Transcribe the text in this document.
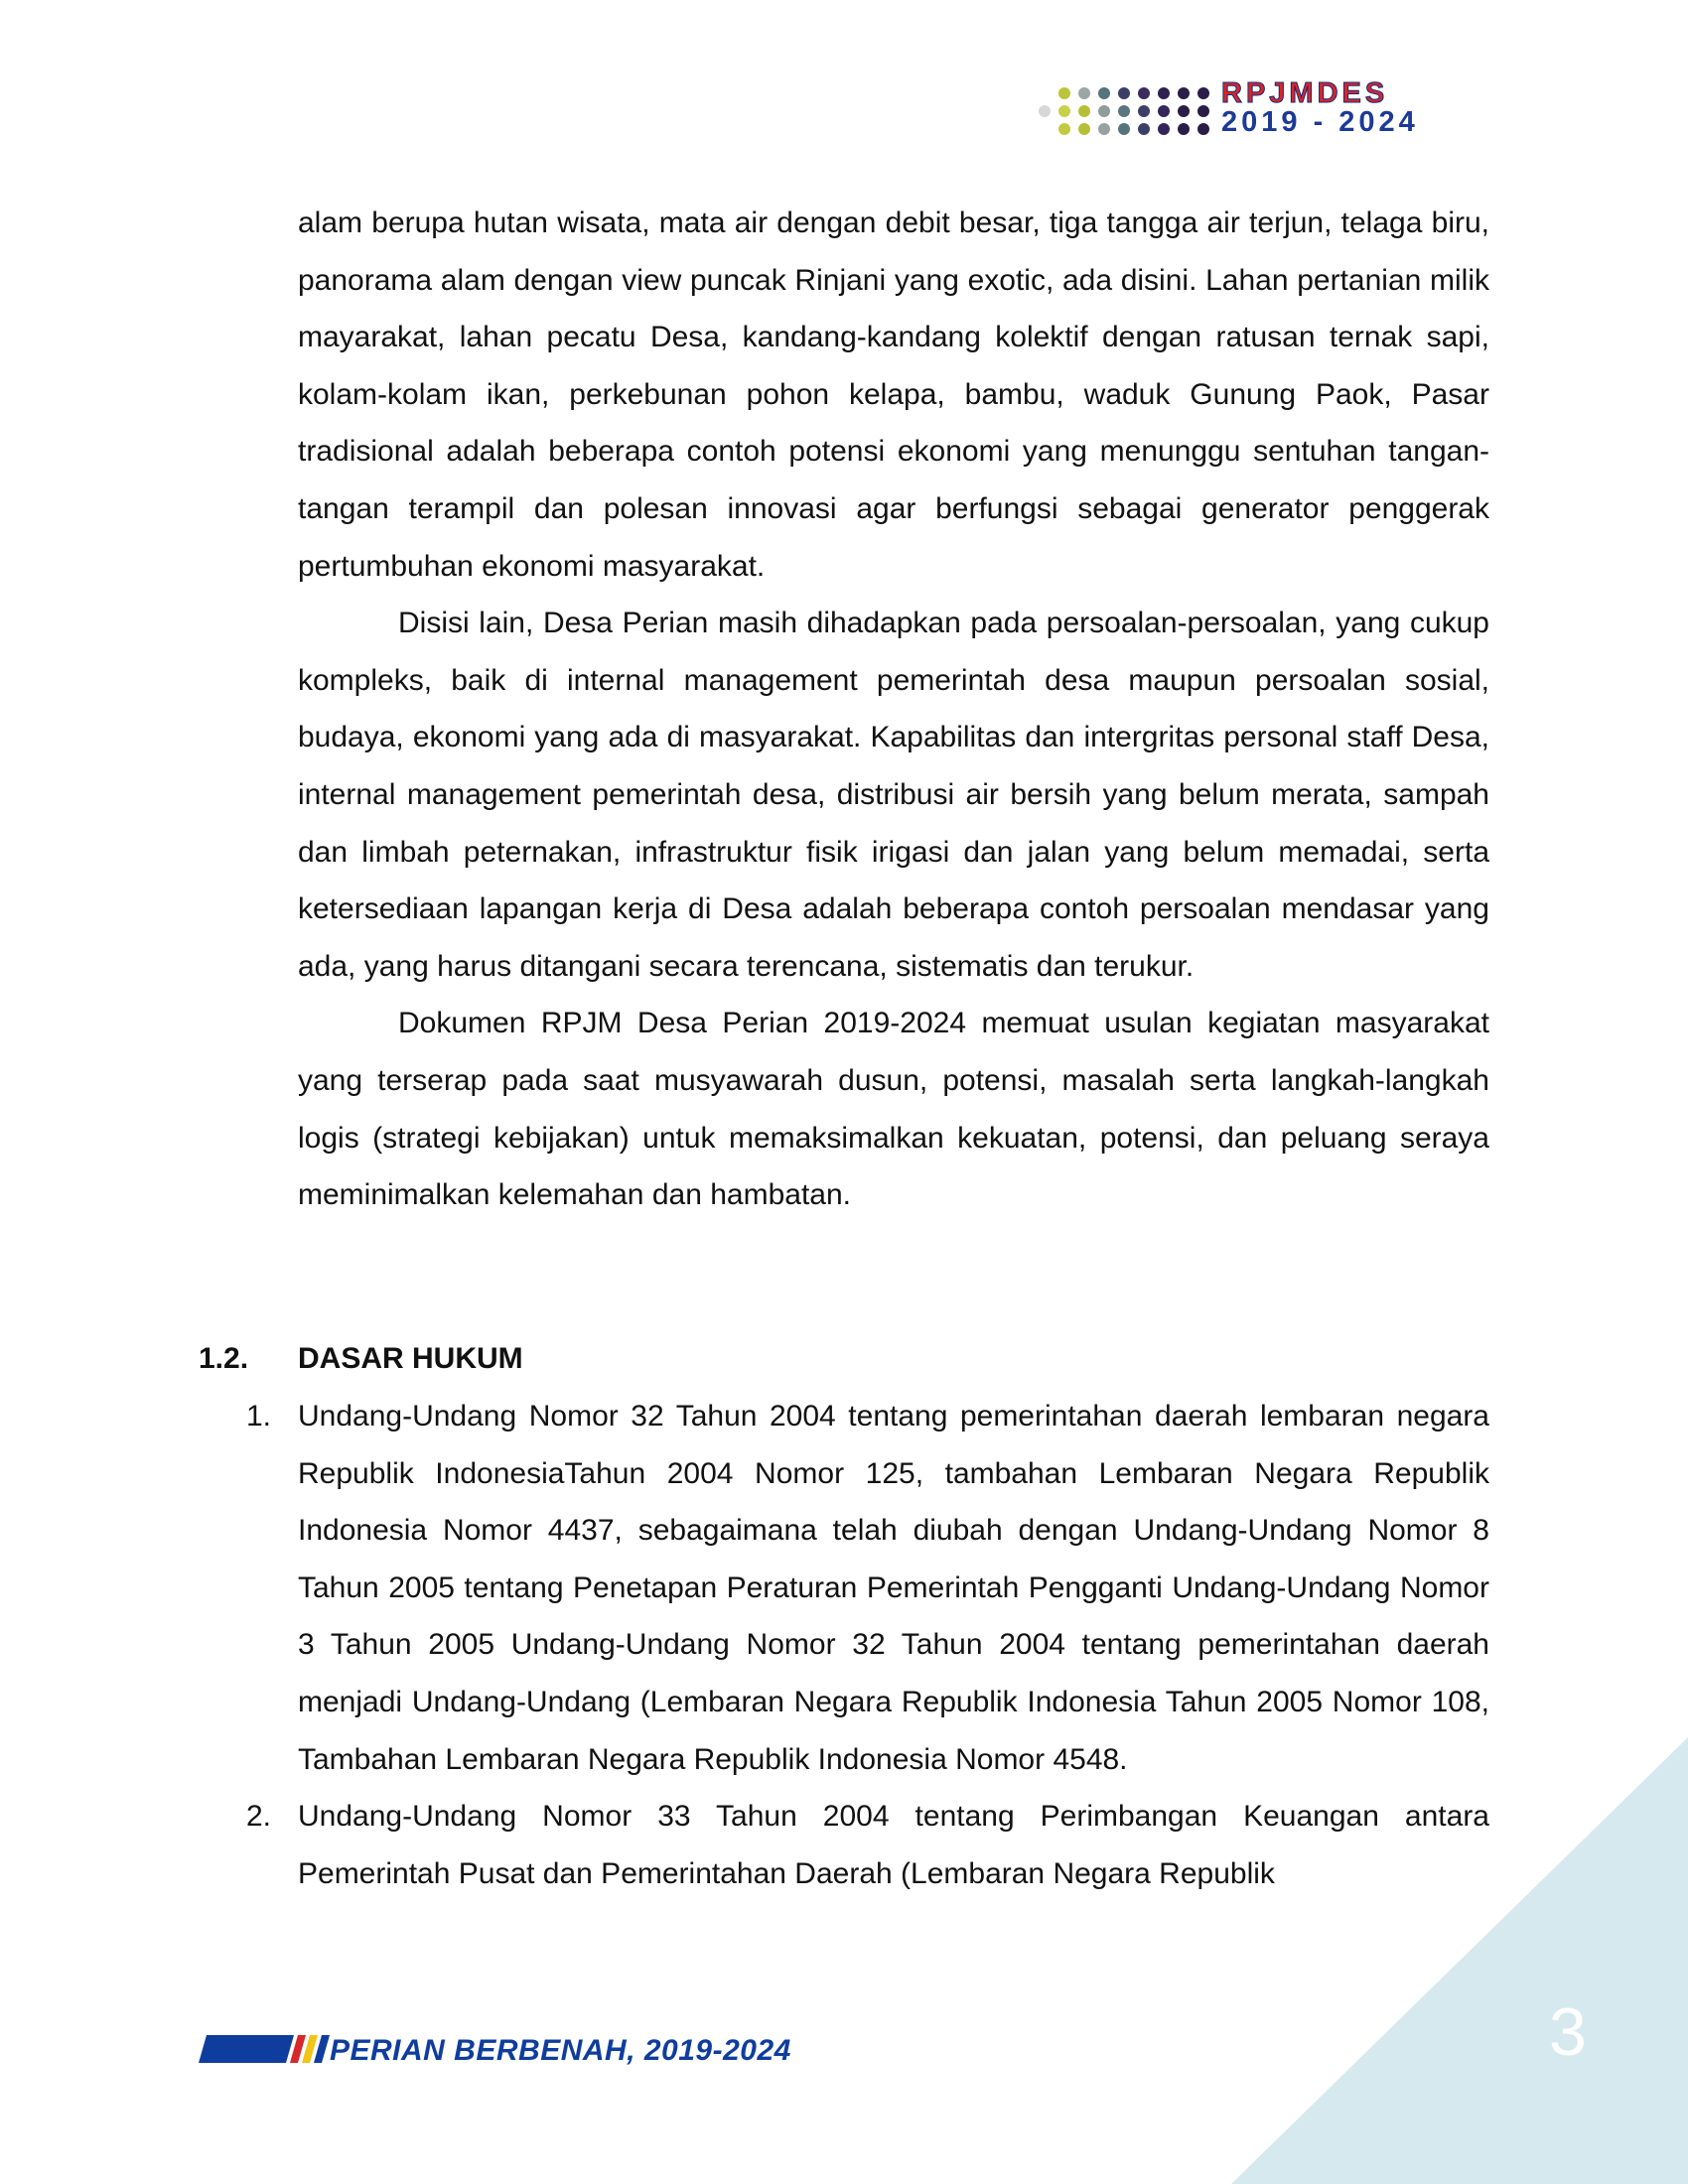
RPJMDES
2019 - 2024

alam berupa hutan wisata, mata air dengan debit besar, tiga tangga air terjun, telaga biru, panorama alam dengan view puncak Rinjani yang exotic, ada disini. Lahan pertanian milik mayarakat, lahan pecatu Desa, kandang-kandang kolektif dengan ratusan ternak sapi, kolam-kolam ikan, perkebunan pohon kelapa, bambu, waduk Gunung Paok, Pasar tradisional adalah beberapa contoh potensi ekonomi yang menunggu sentuhan tangan-tangan terampil dan polesan innovasi agar berfungsi sebagai generator penggerak pertumbuhan ekonomi masyarakat.

Disisi lain, Desa Perian masih dihadapkan pada persoalan-persoalan, yang cukup kompleks, baik di internal management pemerintah desa maupun persoalan sosial, budaya, ekonomi yang ada di masyarakat. Kapabilitas dan intergritas personal staff Desa, internal management pemerintah desa, distribusi air bersih yang belum merata, sampah dan limbah peternakan, infrastruktur fisik irigasi dan jalan yang belum memadai, serta ketersediaan lapangan kerja di Desa adalah beberapa contoh persoalan mendasar yang ada, yang harus ditangani secara terencana, sistematis dan terukur.

Dokumen RPJM Desa Perian 2019-2024 memuat usulan kegiatan masyarakat yang terserap pada saat musyawarah dusun, potensi, masalah serta langkah-langkah logis (strategi kebijakan) untuk memaksimalkan kekuatan, potensi, dan peluang seraya meminimalkan kelemahan dan hambatan.

1.2. DASAR HUKUM
1. Undang-Undang Nomor 32 Tahun 2004 tentang pemerintahan daerah lembaran negara Republik IndonesiaTahun 2004 Nomor 125, tambahan Lembaran Negara Republik Indonesia Nomor 4437, sebagaimana telah diubah dengan Undang-Undang Nomor 8 Tahun 2005 tentang Penetapan Peraturan Pemerintah Pengganti Undang-Undang Nomor 3 Tahun 2005 Undang-Undang Nomor 32 Tahun 2004 tentang pemerintahan daerah menjadi Undang-Undang (Lembaran Negara Republik Indonesia Tahun 2005 Nomor 108, Tambahan Lembaran Negara Republik Indonesia Nomor 4548.
2. Undang-Undang Nomor 33 Tahun 2004 tentang Perimbangan Keuangan antara Pemerintah Pusat dan Pemerintahan Daerah (Lembaran Negara Republik
3
PERIAN BERBENAH, 2019-2024
